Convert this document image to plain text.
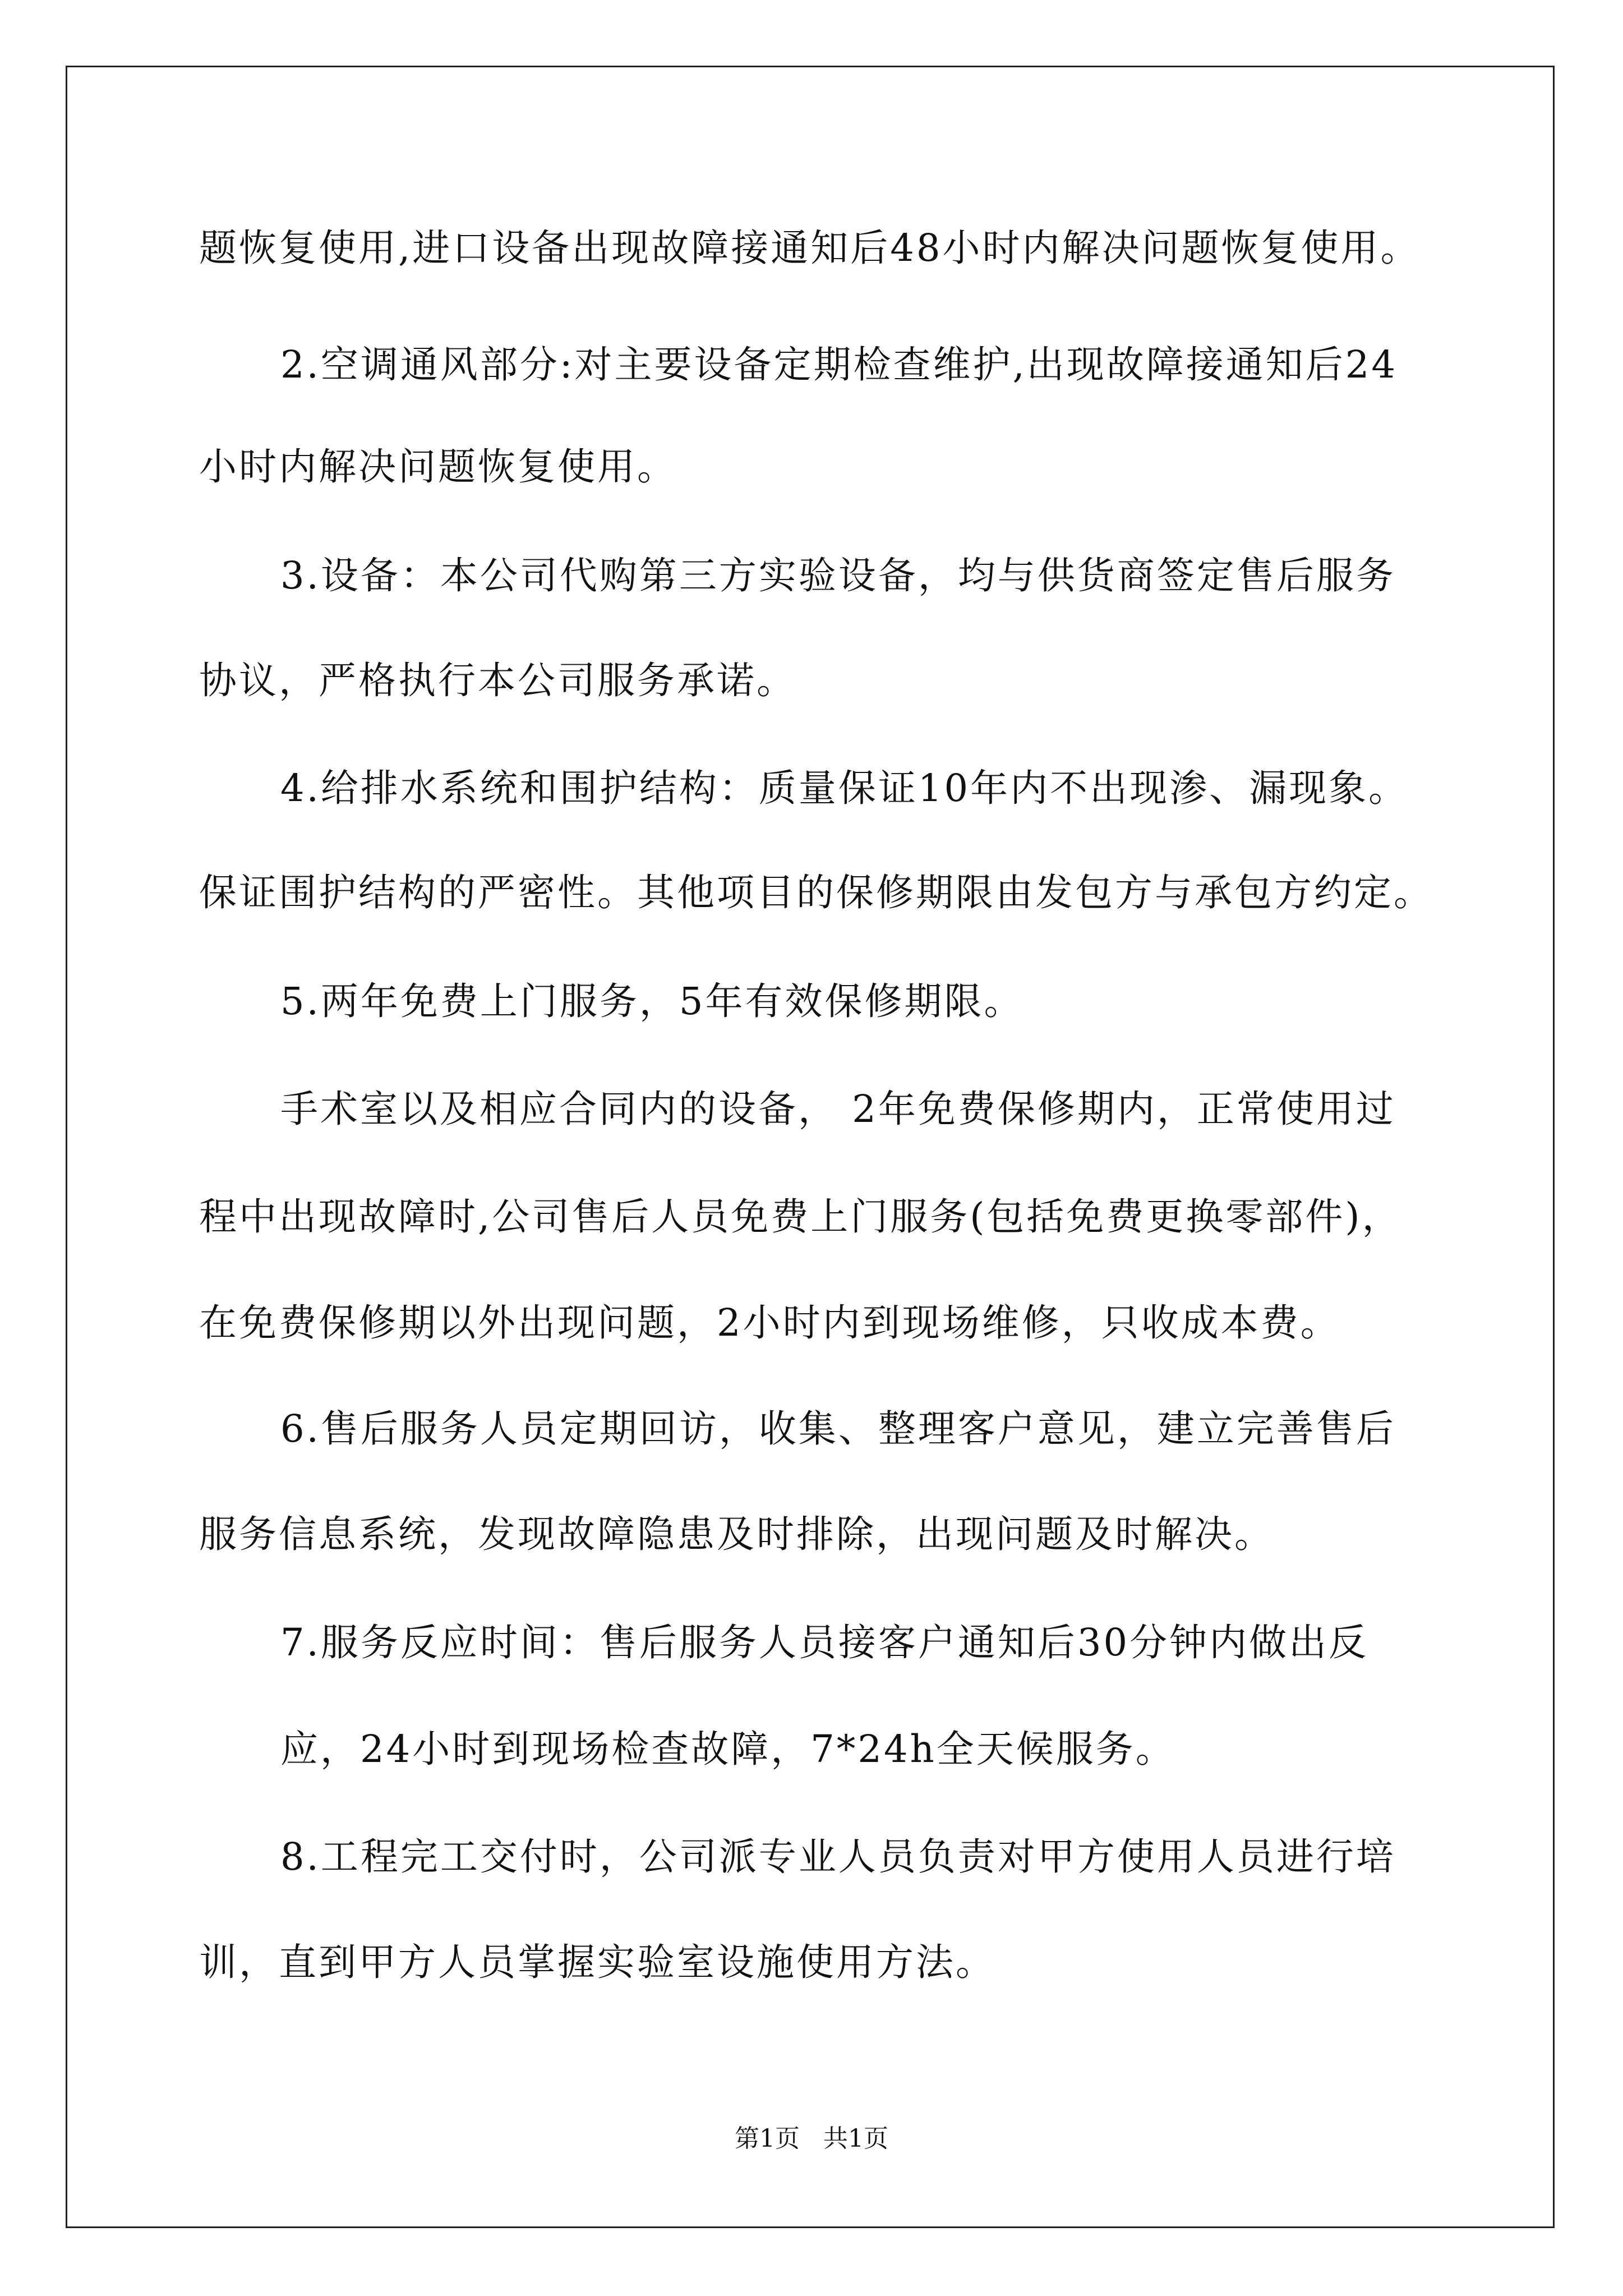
题恢复使用,进口设备出现故障接通知后48小时内解决问题恢复使用。
2.空调通风部分:对主要设备定期检查维护,出现故障接通知后24
小时内解决问题恢复使用。
3.设备：本公司代购第三方实验设备，均与供货商签定售后服务
协议，严格执行本公司服务承诺。
4.给排水系统和围护结构：质量保证10年内不出现渗、漏现象。
保证围护结构的严密性。其他项目的保修期限由发包方与承包方约定。
5.两年免费上门服务，5年有效保修期限。
手术室以及相应合同内的设备， 2年免费保修期内，正常使用过
程中出现故障时,公司售后人员免费上门服务(包括免费更换零部件)，
在免费保修期以外出现问题，2小时内到现场维修，只收成本费。
6.售后服务人员定期回访，收集、整理客户意见，建立完善售后
服务信息系统，发现故障隐患及时排除，出现问题及时解决。
7.服务反应时间：售后服务人员接客户通知后30分钟内做出反
应，24小时到现场检查故障，7*24h全天候服务。
8.工程完工交付时，公司派专业人员负责对甲方使用人员进行培
训，直到甲方人员掌握实验室设施使用方法。
第1页   共1页
